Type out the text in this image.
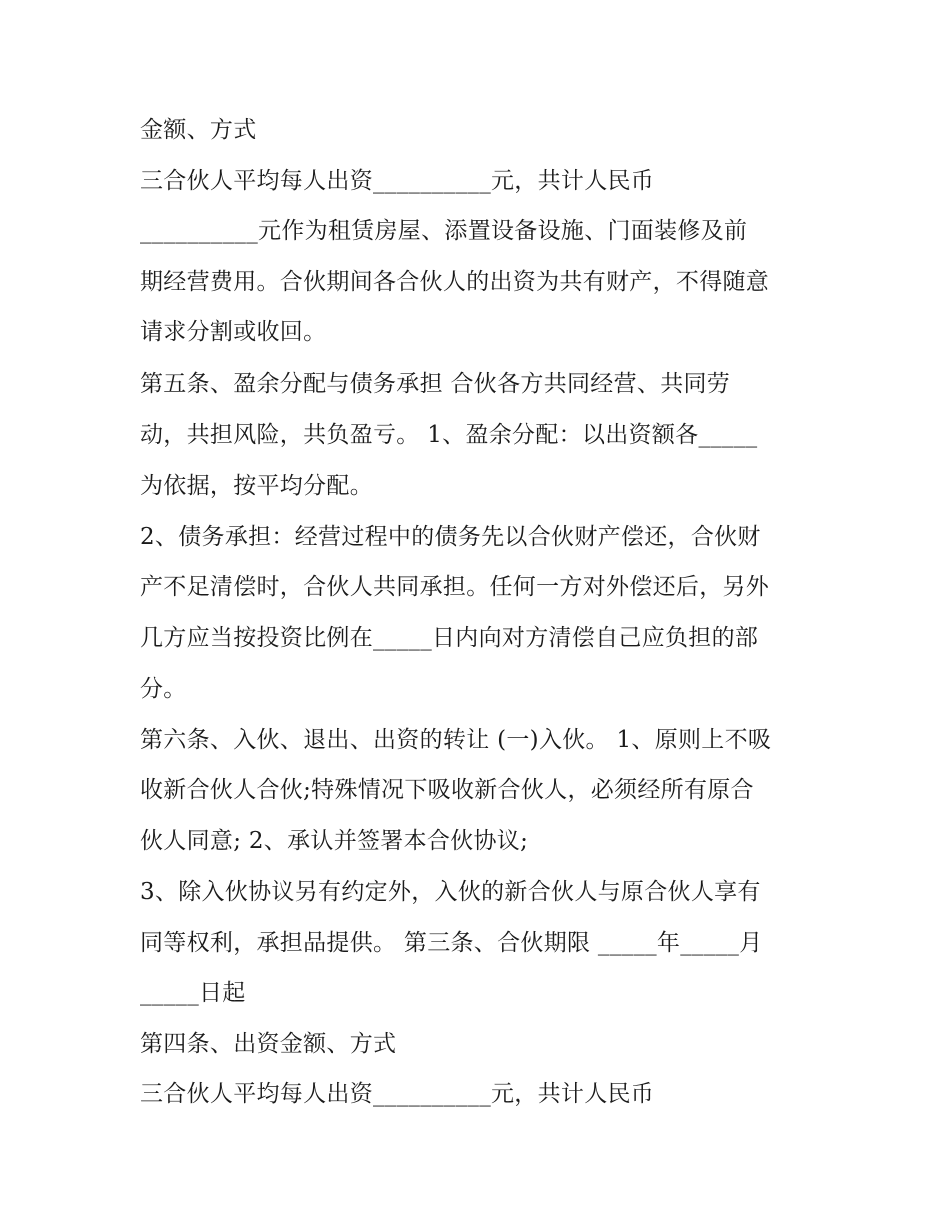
金额、方式

三合伙人平均每人出资__________元，共计人民币

__________元作为租赁房屋、添置设备设施、门面装修及前

期经营费用。合伙期间各合伙人的出资为共有财产，不得随意

请求分割或收回。

第五条、盈余分配与债务承担 合伙各方共同经营、共同劳

动，共担风险，共负盈亏。 1、盈余分配：以出资额各_____

为依据，按平均分配。

2、债务承担：经营过程中的债务先以合伙财产偿还，合伙财

产不足清偿时，合伙人共同承担。任何一方对外偿还后，另外

几方应当按投资比例在_____日内向对方清偿自己应负担的部

分。

第六条、入伙、退出、出资的转让 (一)入伙。 1、原则上不吸

收新合伙人合伙;特殊情况下吸收新合伙人，必须经所有原合

伙人同意; 2、承认并签署本合伙协议;

3、除入伙协议另有约定外，入伙的新合伙人与原合伙人享有

同等权利，承担品提供。 第三条、合伙期限 _____年_____月

_____日起

第四条、出资金额、方式

三合伙人平均每人出资__________元，共计人民币
